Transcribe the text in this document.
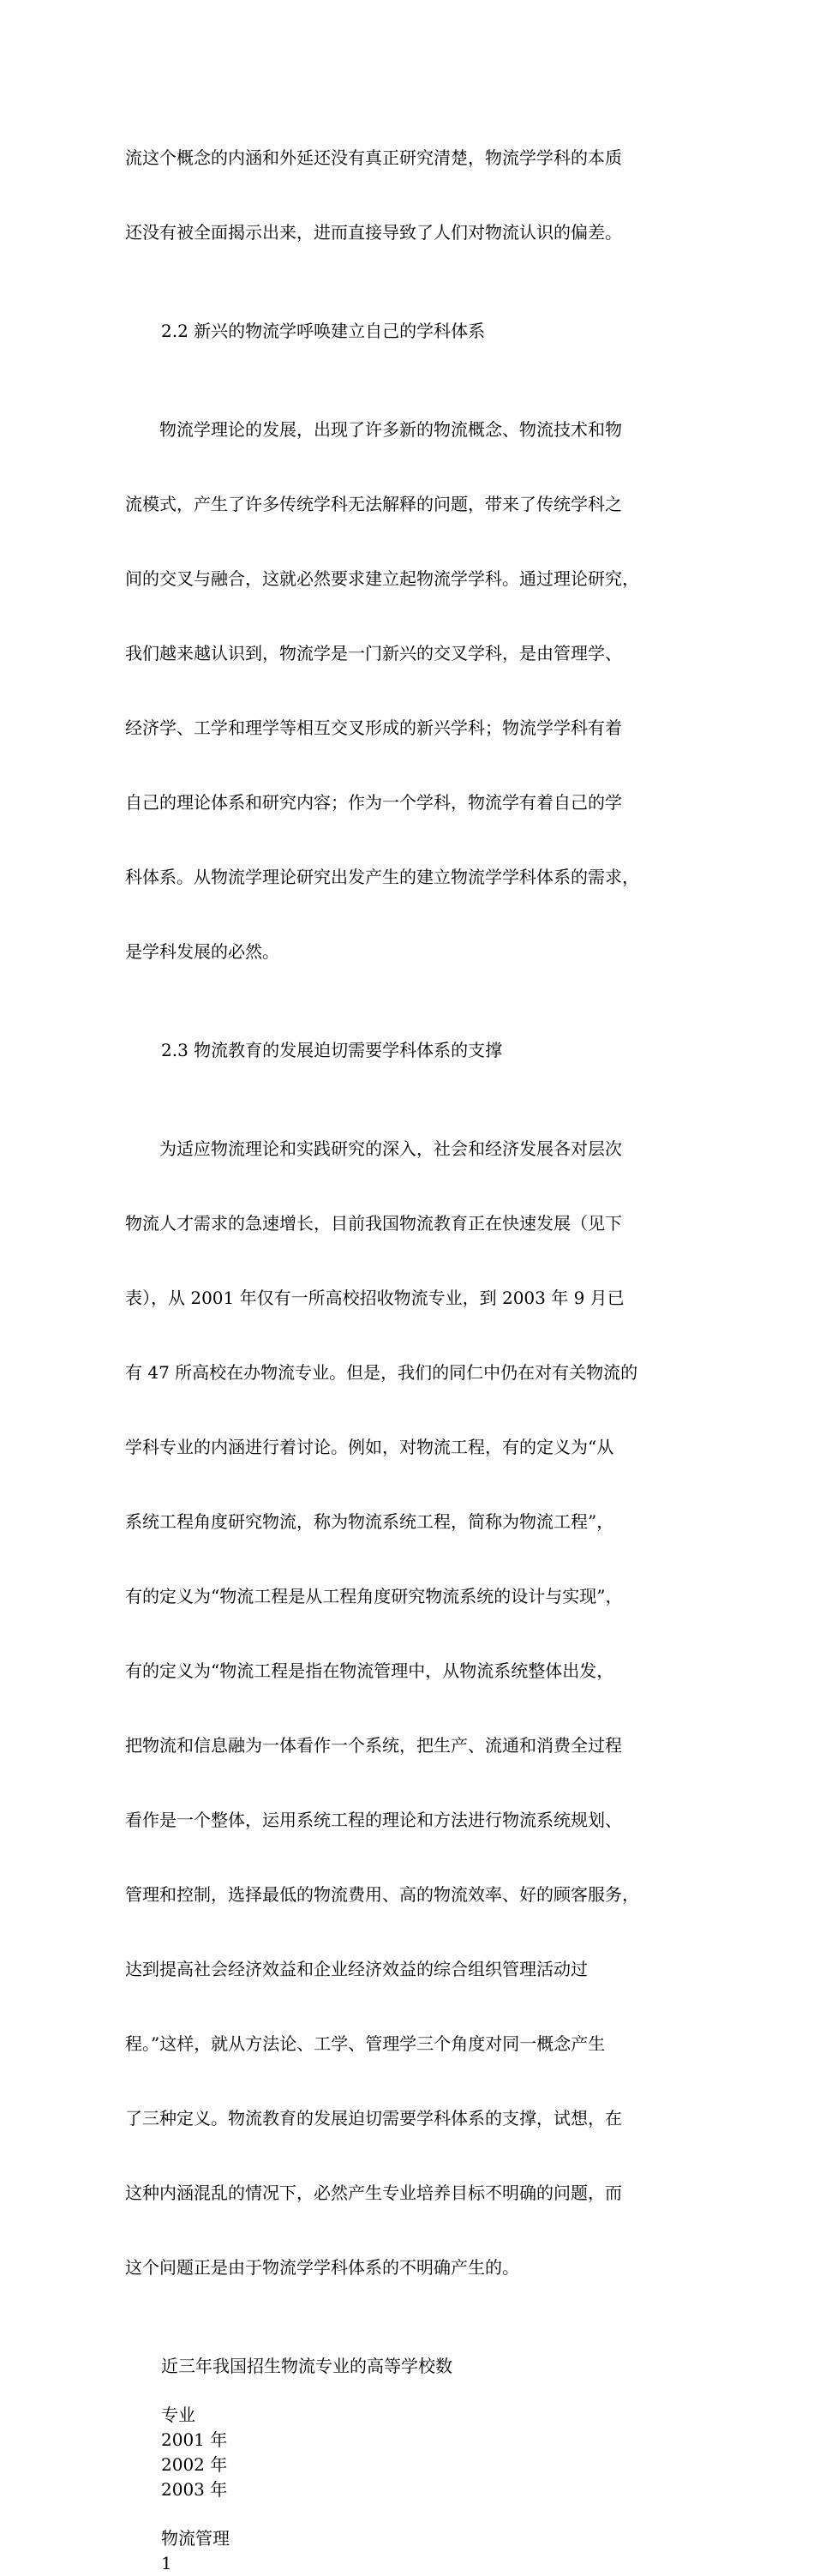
流这个概念的内涵和外延还没有真正研究清楚，物流学学科的本质

还没有被全面揭示出来，进而直接导致了人们对物流认识的偏差。

2.2 新兴的物流学呼唤建立自己的学科体系

　　物流学理论的发展，出现了许多新的物流概念、物流技术和物

流模式，产生了许多传统学科无法解释的问题，带来了传统学科之

间的交叉与融合，这就必然要求建立起物流学学科。通过理论研究，

我们越来越认识到，物流学是一门新兴的交叉学科，是由管理学、

经济学、工学和理学等相互交叉形成的新兴学科；物流学学科有着

自己的理论体系和研究内容；作为一个学科，物流学有着自己的学

科体系。从物流学理论研究出发产生的建立物流学学科体系的需求，

是学科发展的必然。

2.3 物流教育的发展迫切需要学科体系的支撑

　　为适应物流理论和实践研究的深入，社会和经济发展各对层次

物流人才需求的急速增长，目前我国物流教育正在快速发展（见下

表），从 2001 年仅有一所高校招收物流专业，到 2003 年 9 月已

有 47 所高校在办物流专业。但是，我们的同仁中仍在对有关物流的

学科专业的内涵进行着讨论。例如，对物流工程，有的定义为“从

系统工程角度研究物流，称为物流系统工程，简称为物流工程”，

有的定义为“物流工程是从工程角度研究物流系统的设计与实现”，

有的定义为“物流工程是指在物流管理中，从物流系统整体出发，

把物流和信息融为一体看作一个系统，把生产、流通和消费全过程

看作是一个整体，运用系统工程的理论和方法进行物流系统规划、

管理和控制，选择最低的物流费用、高的物流效率、好的顾客服务，

达到提高社会经济效益和企业经济效益的综合组织管理活动过

程。”这样，就从方法论、工学、管理学三个角度对同一概念产生

了三种定义。物流教育的发展迫切需要学科体系的支撑，试想，在

这种内涵混乱的情况下，必然产生专业培养目标不明确的问题，而

这个问题正是由于物流学学科体系的不明确产生的。

近三年我国招生物流专业的高等学校数

专业
2001 年
2002 年
2003 年
物流管理
1
